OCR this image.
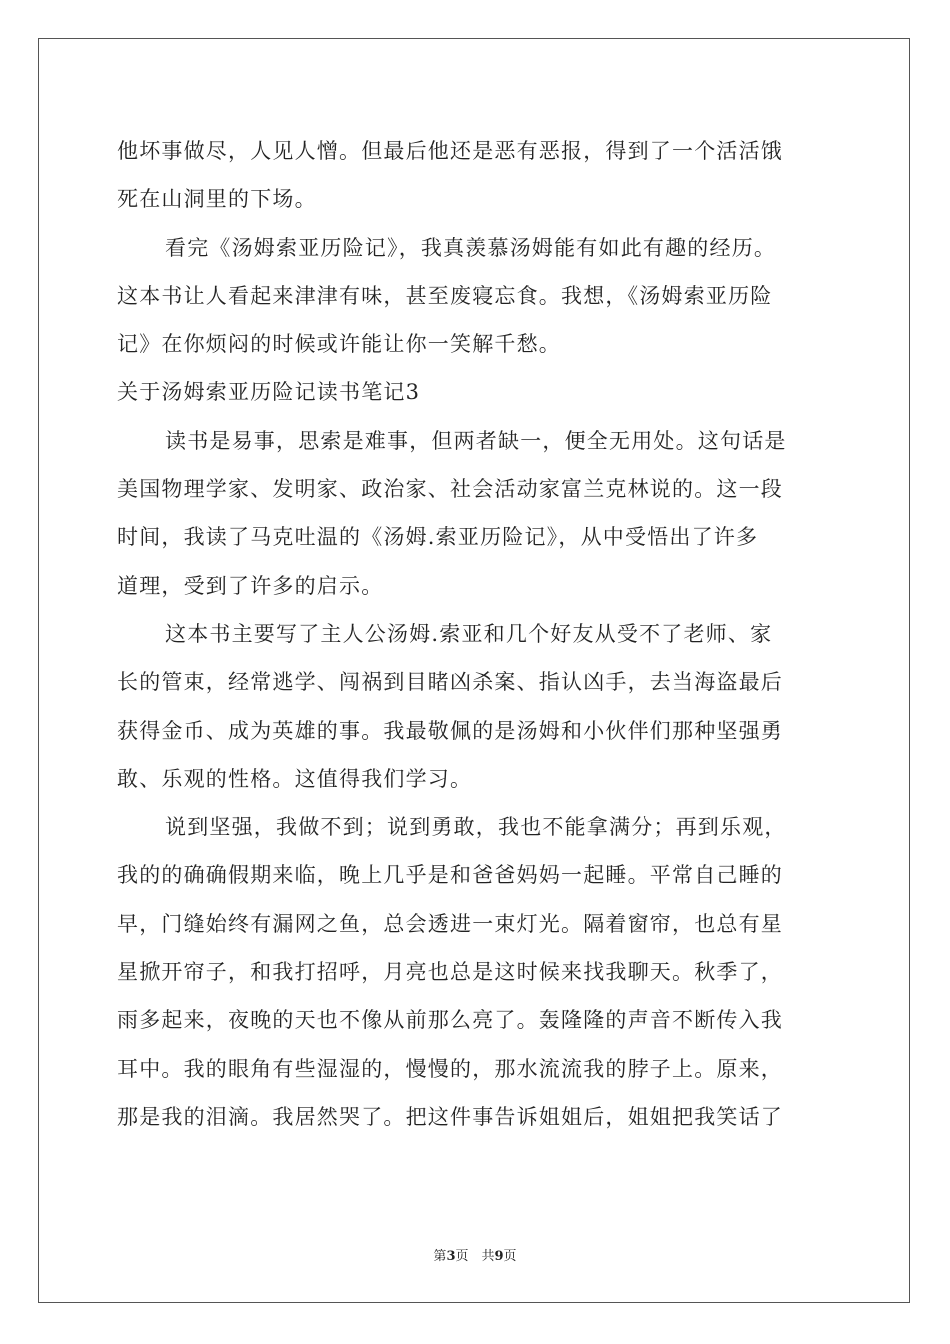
他坏事做尽，人见人憎。但最后他还是恶有恶报，得到了一个活活饿
死在山洞里的下场。
看完《汤姆索亚历险记》，我真羡慕汤姆能有如此有趣的经历。
这本书让人看起来津津有味，甚至废寝忘食。我想，《汤姆索亚历险
记》在你烦闷的时候或许能让你一笑解千愁。
关于汤姆索亚历险记读书笔记3
读书是易事，思索是难事，但两者缺一，便全无用处。这句话是
美国物理学家、发明家、政治家、社会活动家富兰克林说的。这一段
时间，我读了马克吐温的《汤姆.索亚历险记》，从中受悟出了许多
道理，受到了许多的启示。
这本书主要写了主人公汤姆.索亚和几个好友从受不了老师、家
长的管束，经常逃学、闯祸到目睹凶杀案、指认凶手，去当海盗最后
获得金币、成为英雄的事。我最敬佩的是汤姆和小伙伴们那种坚强勇
敢、乐观的性格。这值得我们学习。
说到坚强，我做不到；说到勇敢，我也不能拿满分；再到乐观，
我的的确确假期来临，晚上几乎是和爸爸妈妈一起睡。平常自己睡的
早，门缝始终有漏网之鱼，总会透进一束灯光。隔着窗帘，也总有星
星掀开帘子，和我打招呼，月亮也总是这时候来找我聊天。秋季了，
雨多起来，夜晚的天也不像从前那么亮了。轰隆隆的声音不断传入我
耳中。我的眼角有些湿湿的，慢慢的，那水流流我的脖子上。原来，
那是我的泪滴。我居然哭了。把这件事告诉姐姐后，姐姐把我笑话了
第3页　共9页
